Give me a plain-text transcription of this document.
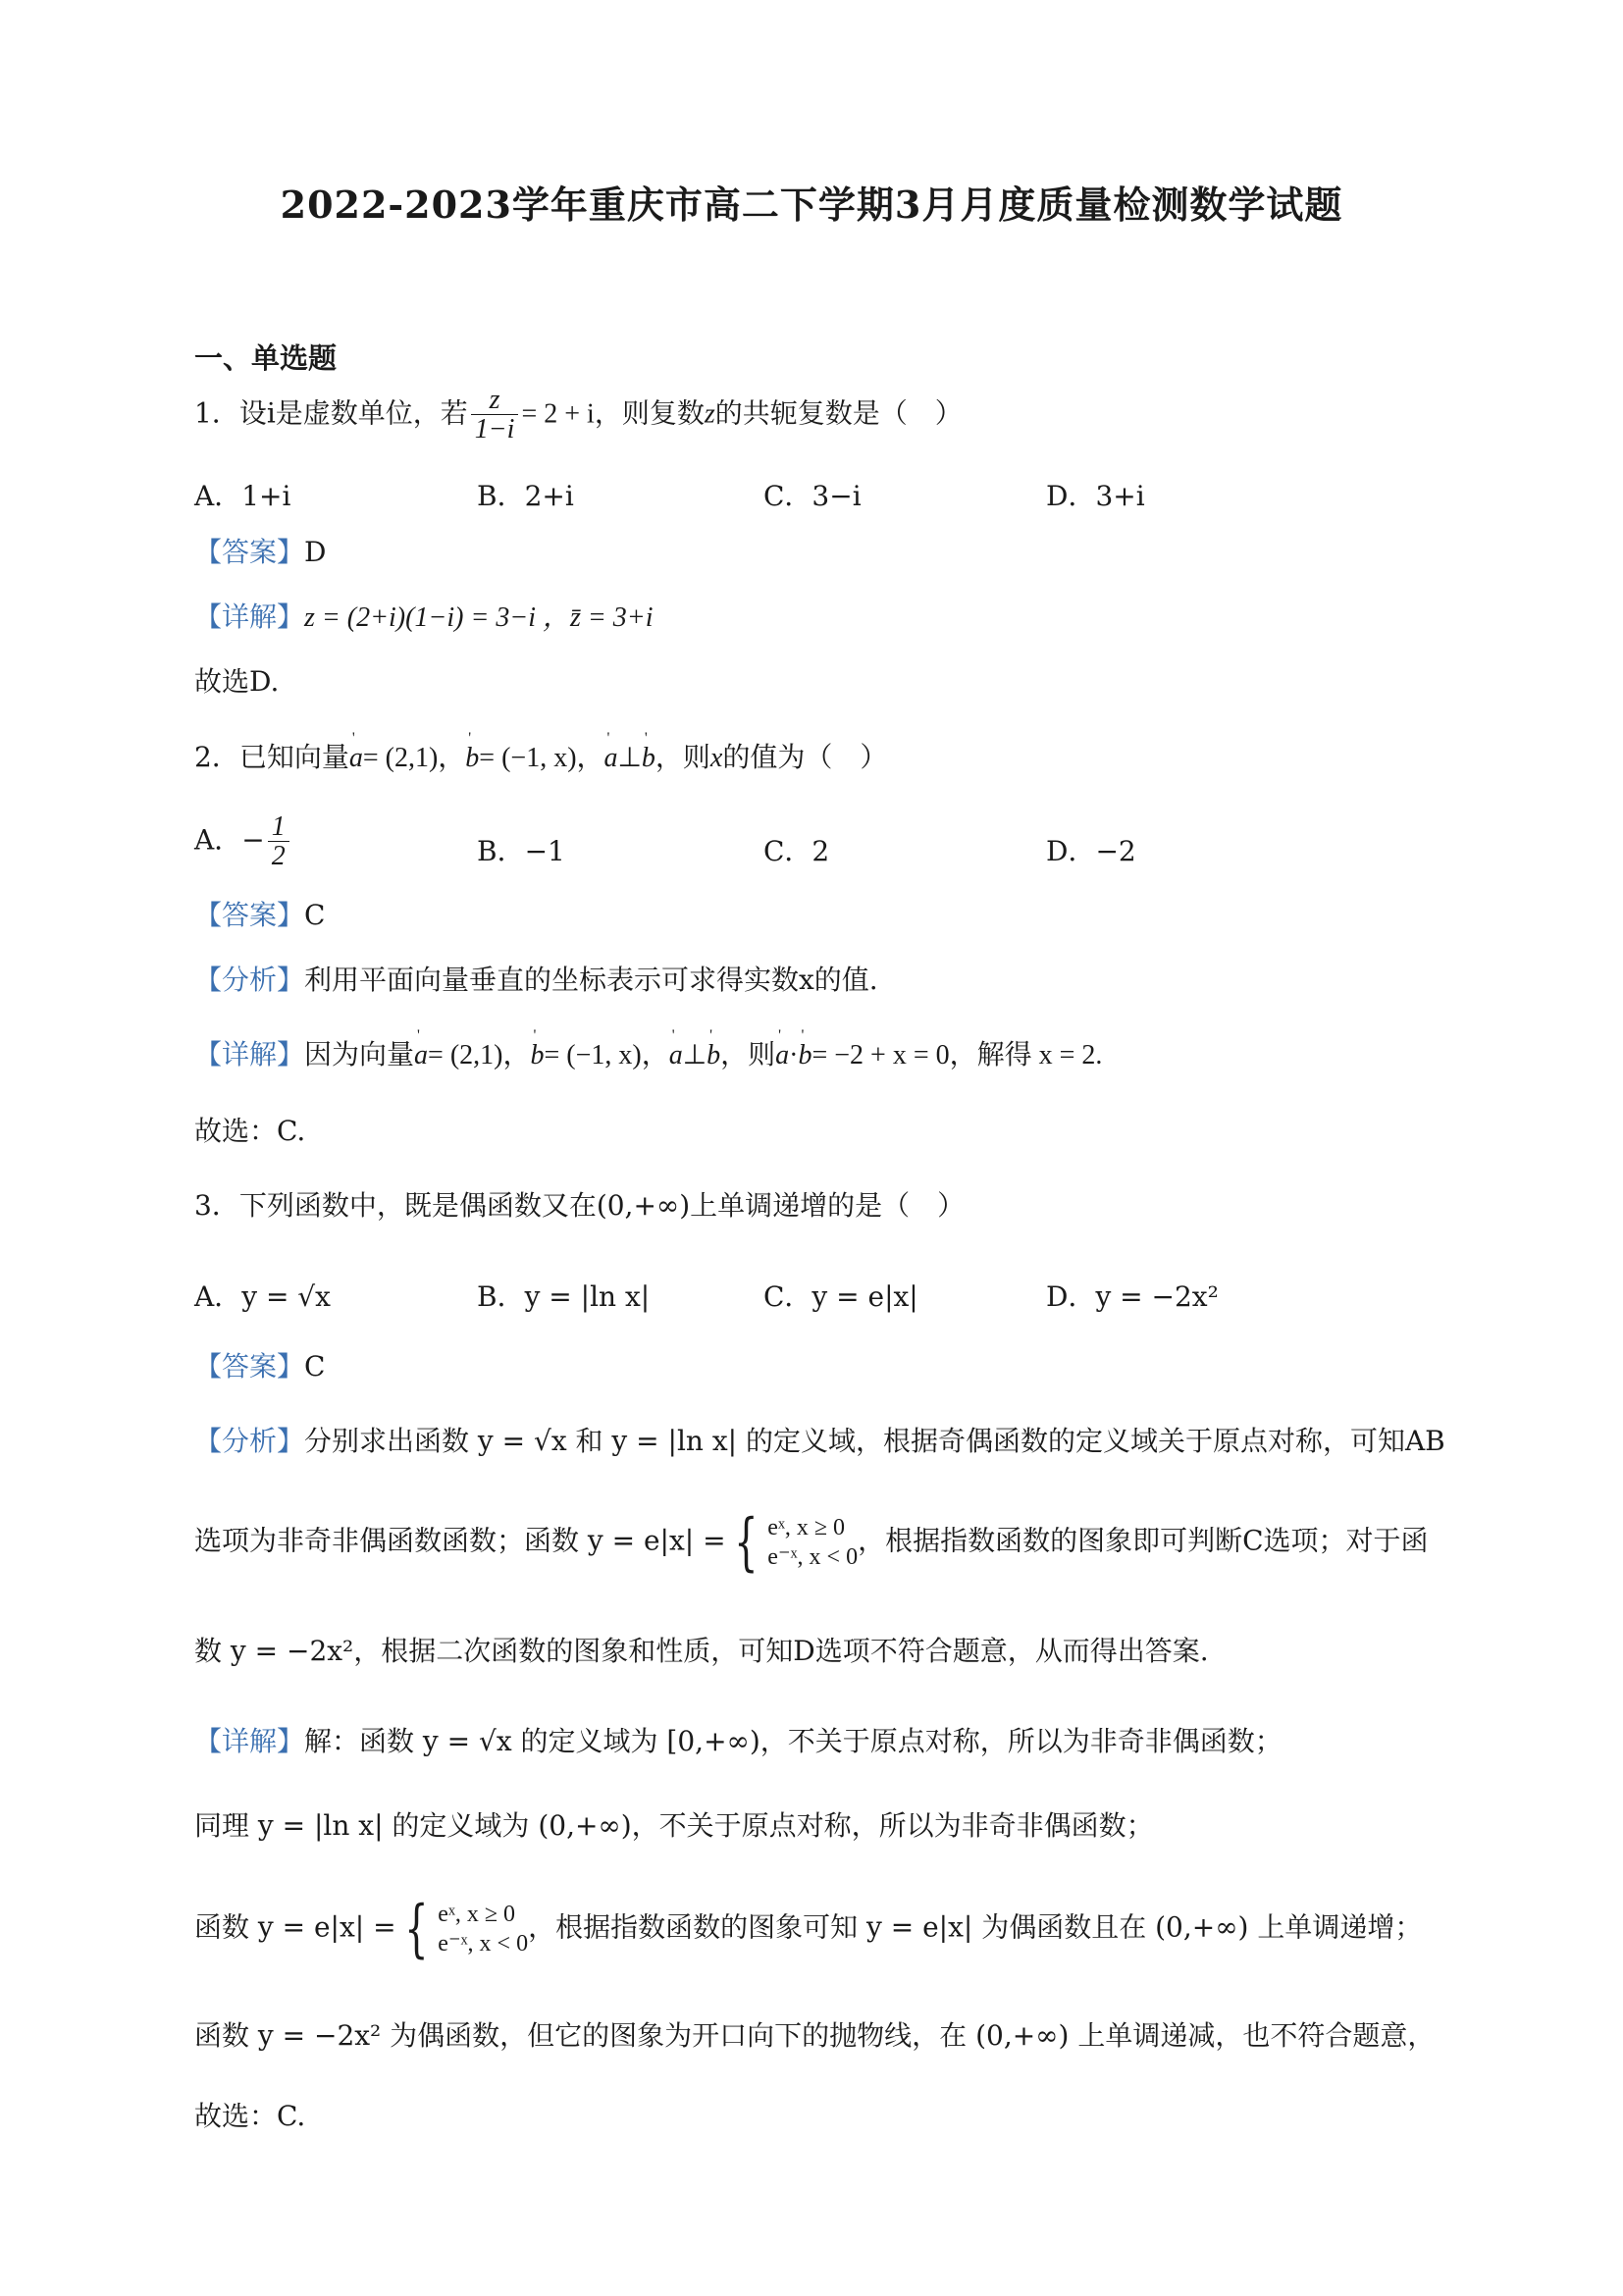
2022-2023学年重庆市高二下学期3月月度质量检测数学试题
一、单选题
1．设i是虚数单位，若 $\frac{z}{1-i} = 2 + i$，则复数z的共轭复数是（　）
A．1+i	B．2+i	C．3−i	D．3+i
【答案】D
【详解】z = (2+i)(1−i) = 3−i ，z̄ = 3+i
故选D.
2．已知向量' a= (2,1)，' b= (−1, x)，' a⊥' b，则x的值为（　）
A．− $\frac{1}{2}$	B．−1	C．2	D．−2
【答案】C
【分析】利用平面向量垂直的坐标表示可求得实数x的值.
【详解】因为向量' a= (2,1)，' b= (−1, x)，' a⊥' b，则' a·' b= −2 + x = 0，解得 x = 2.
故选：C.
3．下列函数中，既是偶函数又在(0,+∞)上单调递增的是（　）
A．y = √x	B．y = |ln x|	C．y = e|x|	D．y = −2x²
【答案】C
【分析】分别求出函数 y = √x 和 y = |ln x| 的定义域，根据奇偶函数的定义域关于原点对称，可知AB
选项为非奇非偶函数函数；函数 y = e|x| = { eˣ, x ≥ 0
e⁻ˣ, x < 0
，根据指数函数的图象即可判断C选项；对于函
数 y = −2x²，根据二次函数的图象和性质，可知D选项不符合题意，从而得出答案.
【详解】解：函数 y = √x 的定义域为 [0,+∞)，不关于原点对称，所以为非奇非偶函数；
同理 y = |ln x| 的定义域为 (0,+∞)，不关于原点对称，所以为非奇非偶函数；
函数 y = e|x| = { eˣ, x ≥ 0
e⁻ˣ, x < 0
，根据指数函数的图象可知 y = e|x| 为偶函数且在 (0,+∞) 上单调递增；
函数 y = −2x² 为偶函数，但它的图象为开口向下的抛物线，在 (0,+∞) 上单调递减，也不符合题意，
故选：C.
